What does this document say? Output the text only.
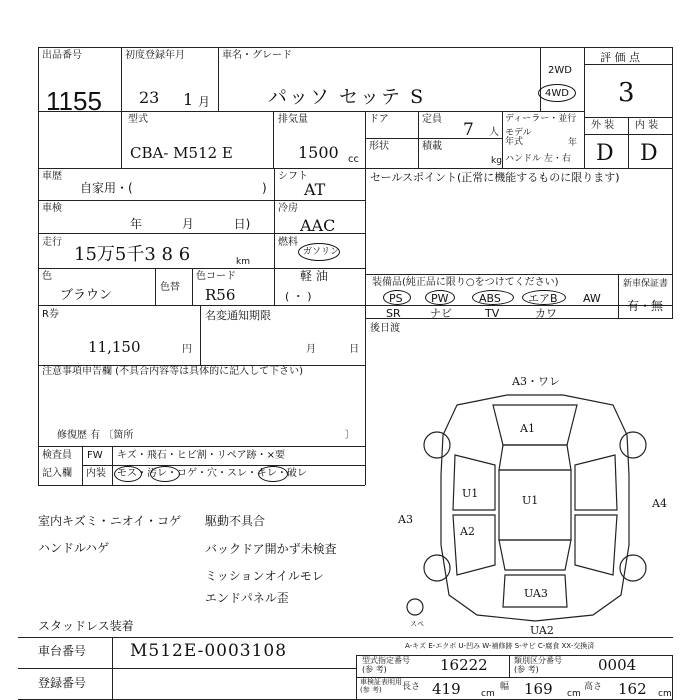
出品番号
1155
初度登録年月
23 1 月
車名・グレード
パッソ セッテ S
2WD
4WD
評 価 点
3
外 装 内 装
D D
型式
CBA- M512 E
排気量
1500 cc
ドア	定員
7 人
ディーラー・並行
モデル
年式	年
形状	積載
kg ハンドル 左・右
車歴
自家用・(	)
車検
年 月 日)
走行
15万5千3 8 6	km
色
ブラウン
色替
色コード
R56
シフト
AT
冷房
AAC
燃料
ガソリン
軽 油
( ・ )
セールスポイント(正常に機能するものに限ります)
装備品(純正品に限り○をつけてください)	新車保証書
有・無
PS	PW	ABS エアB AW
SR	ナビ	TV	カワ
後日渡
R券
11,150	円
名変通知期限
月 日
注意事項申告欄 (不具合内容等は具体的に記入して下さい)
修復歴 有 〔箇所	〕
検査員
記入欄
FW キズ・飛石・ヒビ割・リペア跡・×要
内装 モス・汚レ・コゲ・穴・スレ・キレ・破レ
室内キズミ・ニオイ・コゲ
ハンドルハゲ
駆動不具合
バックドア開かず未検査
ミッションオイルモレ
エンドパネル歪
スタッドレス装着
A3・ワレ
A1
U1
U1
A2
A3
A4
UA3
UA2
スペ
A-キズ E-エクボ U-凹み W-補修跡 S-サビ C-腐食 XX-交換済
車台番号	M512E-0003108
登録番号
型式指定番号
(参 考)	16222	類別区分番号
(参 考)	0004
車検証表明用
(参 考)	長さ 419 cm
幅 169 cm
高さ 162 cm
